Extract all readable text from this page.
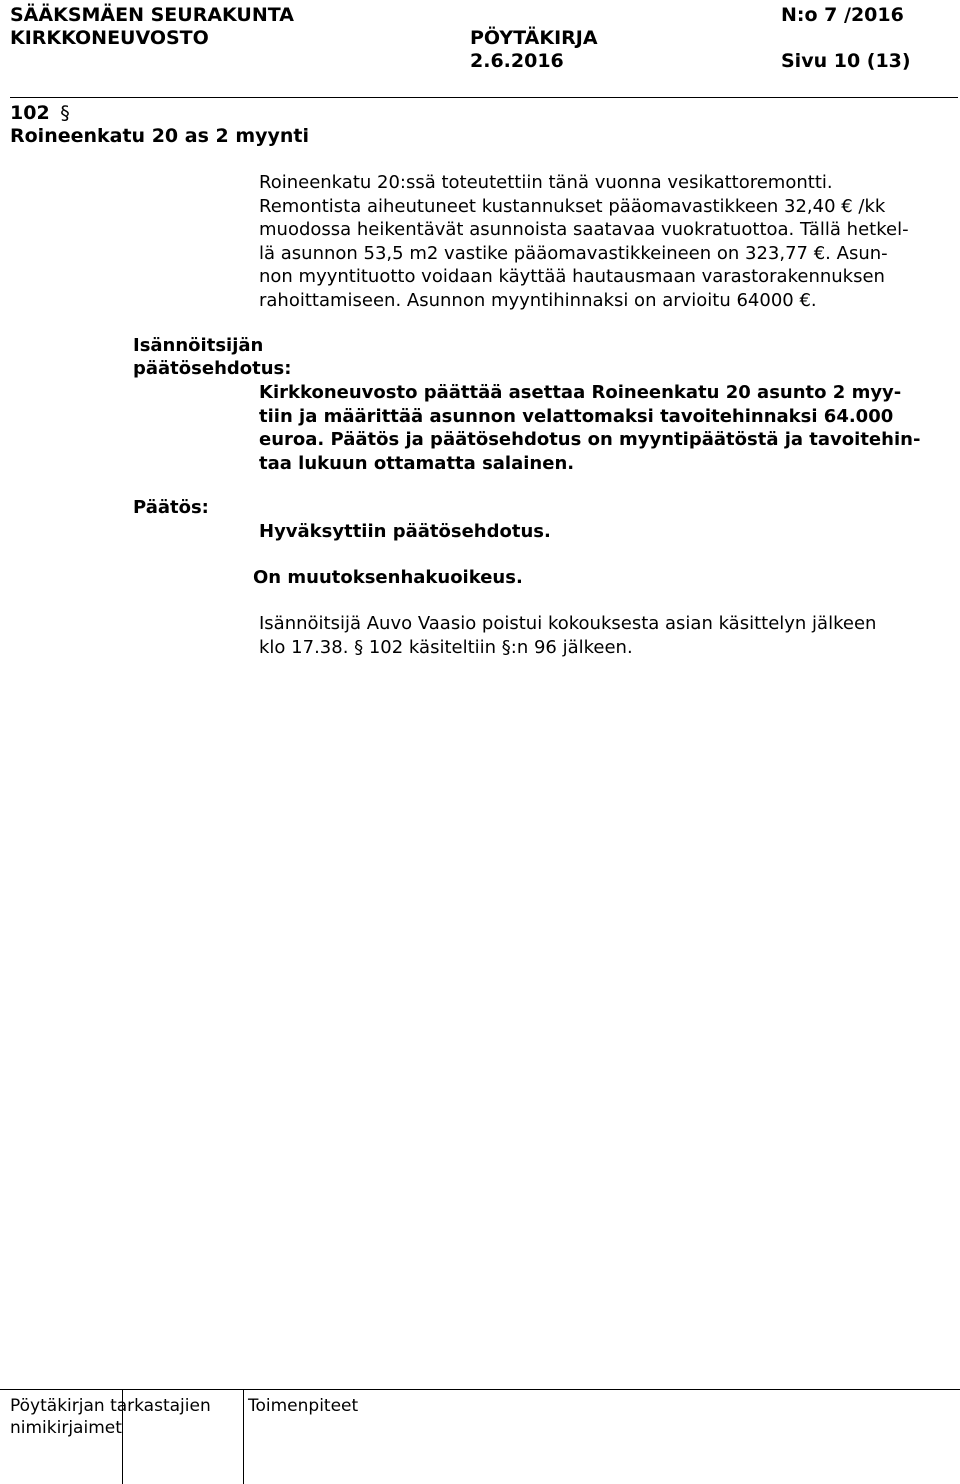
SÄÄKSMÄEN SEURAKUNTA
KIRKKONEUVOSTO	PÖYTÄKIRJA
2.6.2016
N:o 7 /2016
Sivu 10 (13)
102 §
Roineenkatu 20 as 2 myynti
Roineenkatu 20:ssä toteutettiin tänä vuonna vesikattoremontti.
Remontista aiheutuneet kustannukset pääomavastikkeen 32,40 € /kk
muodossa heikentävät asunnoista saatavaa vuokratuottoa. Tällä hetkel-
lä asunnon 53,5 m2 vastike pääomavastikkeineen on 323,77 €. Asun-
non myyntituotto voidaan käyttää hautausmaan varastorakennuksen
rahoittamiseen. Asunnon myyntihinnaksi on arvioitu 64000 €.
Isännöitsijän
päätösehdotus:
Kirkkoneuvosto päättää asettaa Roineenkatu 20 asunto 2 myy-
tiin ja määrittää asunnon velattomaksi tavoitehinnaksi 64.000
euroa. Päätös ja päätösehdotus on myyntipäätöstä ja tavoitehin-
taa lukuun ottamatta salainen.
Päätös:
Hyväksyttiin päätösehdotus.
On muutoksenhakuoikeus.
Isännöitsijä Auvo Vaasio poistui kokouksesta asian käsittelyn jälkeen
klo 17.38. § 102 käsiteltiin §:n 96 jälkeen.
Pöytäkirjan tarkastajien
nimikirjaimet
Toimenpiteet
